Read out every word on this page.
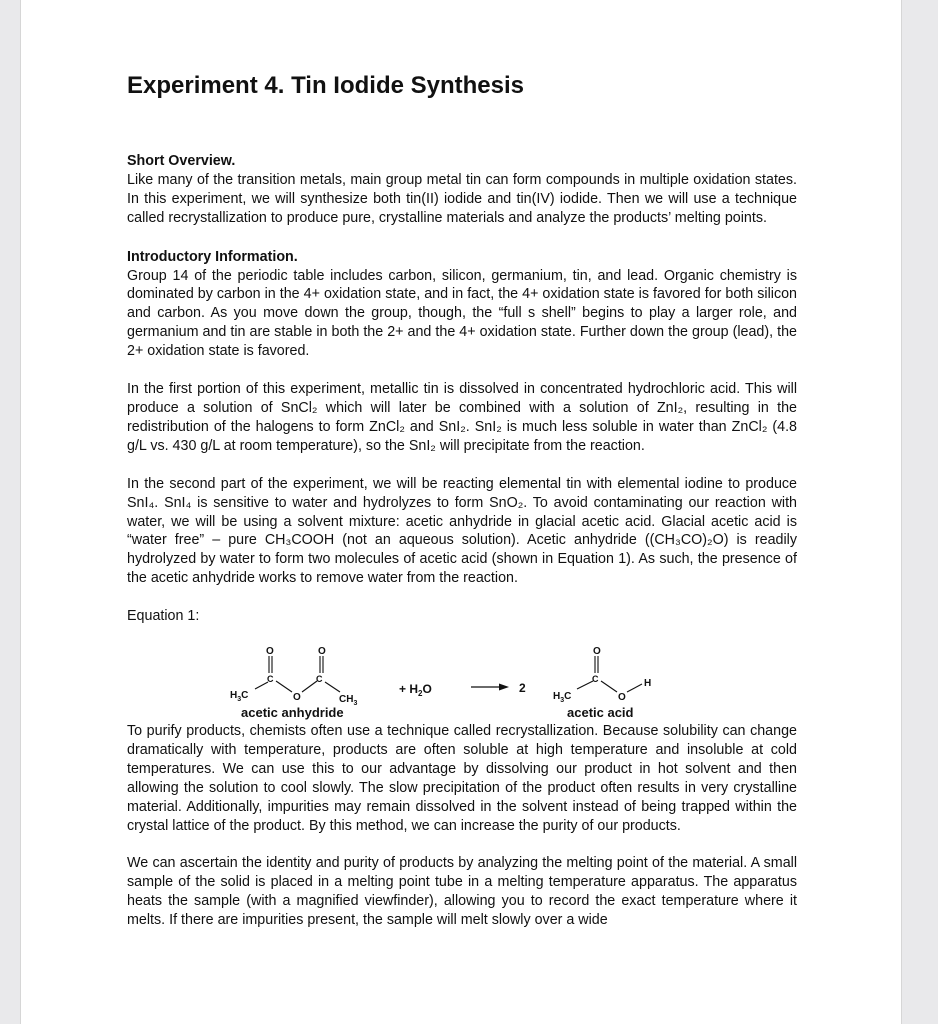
Experiment 4. Tin Iodide Synthesis

Short Overview.

Like many of the transition metals, main group metal tin can form compounds in multiple oxidation states. In this experiment, we will synthesize both tin(II) iodide and tin(IV) iodide. Then we will use a technique called recrystallization to produce pure, crystalline materials and analyze the products’ melting points.

Introductory Information.

Group 14 of the periodic table includes carbon, silicon, germanium, tin, and lead. Organic chemistry is dominated by carbon in the 4+ oxidation state, and in fact, the 4+ oxidation state is favored for both silicon and carbon. As you move down the group, though, the “full s shell” begins to play a larger role, and germanium and tin are stable in both the 2+ and the 4+ oxidation state. Further down the group (lead), the 2+ oxidation state is favored.

In the first portion of this experiment, metallic tin is dissolved in concentrated hydrochloric acid. This will produce a solution of SnCl₂ which will later be combined with a solution of ZnI₂, resulting in the redistribution of the halogens to form ZnCl₂ and SnI₂. SnI₂ is much less soluble in water than ZnCl₂ (4.8 g/L vs. 430 g/L at room temperature), so the SnI₂ will precipitate from the reaction.

In the second part of the experiment, we will be reacting elemental tin with elemental iodine to produce SnI₄. SnI₄ is sensitive to water and hydrolyzes to form SnO₂. To avoid contaminating our reaction with water, we will be using a solvent mixture: acetic anhydride in glacial acetic acid. Glacial acetic acid is “water free” – pure CH₃COOH (not an aqueous solution). Acetic anhydride ((CH₃CO)₂O) is readily hydrolyzed by water to form two molecules of acetic acid (shown in Equation 1). As such, the presence of the acetic anhydride works to remove water from the reaction.

Equation 1:

O	O
C	C
O
$H_3C$	$CH_3$
+ $H_2O$	2
O
C
O
H
$H_3C$
acetic anhydride	acetic acid

To purify products, chemists often use a technique called recrystallization. Because solubility can change dramatically with temperature, products are often soluble at high temperature and insoluble at cold temperatures. We can use this to our advantage by dissolving our product in hot solvent and then allowing the solution to cool slowly. The slow precipitation of the product often results in very crystalline material. Additionally, impurities may remain dissolved in the solvent instead of being trapped within the crystal lattice of the product. By this method, we can increase the purity of our products.

We can ascertain the identity and purity of products by analyzing the melting point of the material. A small sample of the solid is placed in a melting point tube in a melting temperature apparatus. The apparatus heats the sample (with a magnified viewfinder), allowing you to record the exact temperature where it melts. If there are impurities present, the sample will melt slowly over a wide
